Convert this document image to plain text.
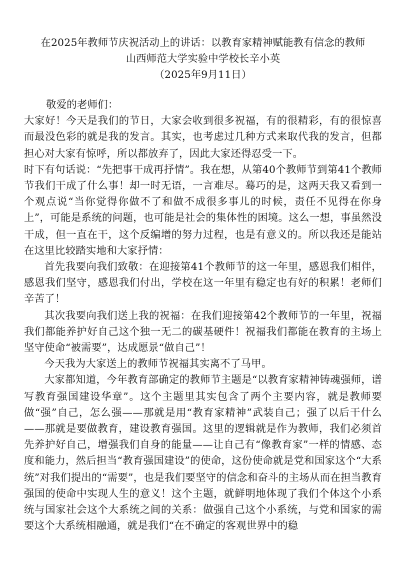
在2025年教师节庆祝活动上的讲话：以教育家精神赋能教有信念的教师
山西师范大学实验中学校长辛小英
（2025年9月11日）

敬爱的老师们：

大家好！今天是我们的节日，大家会收到很多祝福，有的很精彩，有的很惊喜而最没色彩的就是我的发言。其实，也考虑过几种方式来取代我的发言，但都担心对大家有惊呼，所以都放弃了，因此大家还得忍受一下。

时下有句话说：“先把事干成再抒情”。我在想，从第40个教师节到第41个教师节我们干成了什么事！却一时无语，一言难尽。蓦巧的是，这两天我又看到一个观点说“当你觉得你做不了和做不成很多事儿的时候，责任不见得在你身上”，可能是系统的问题，也可能是社会的集体性的困境。这么一想，事虽然没干成，但一直在干，这个反编增的努力过程，也是有意义的。所以我还是能站在这里比较踏实地和大家抒情：

首先我要向我们致敬：在迎接第41个教师节的这一年里，感恩我们相伴，感恩我们坚守，感恩我们付出，学校在这一年里有稳定也有好的积累！老师们辛苦了！

其次我要向我们送上我的祝福：在我们迎接第42个教师节的一年里，祝福我们都能养护好自己这个独一无二的碳基硬件！祝福我们都能在教育的主场上坚守使命“被需要”，达成愿景“做自己”！

今天我为大家送上的教师节祝福其实离不了马甲。

大家都知道，今年教育部确定的教师节主题是“以教育家精神铸魂强师，谱写教育强国建设华章”。这个主题里其实包含了两个主要内容，就是教师要做“强”自己，怎么强——那就是用“教育家精神”武装自己；强了以后干什么——那就是要做教育，建设教育强国。这里的逻辑就是作为教师，我们必须首先养护好自己，增强我们自身的能量——让自己有“像教育家”一样的情感、态度和能力，然后担当“教育强国建设”的使命，这份使命就是党和国家这个“大系统”对我们提出的“需要”，也是我们要坚守的信念和奋斗的主场从而在担当教育强国的使命中实现人生的意义！这个主题，就鲜明地体现了我们个体这个小系统与国家社会这个大系统之间的关系：做强自己这个小系统，与党和国家的需要这个大系统相融通，就是我们“在不确定的客观世界中的稳
